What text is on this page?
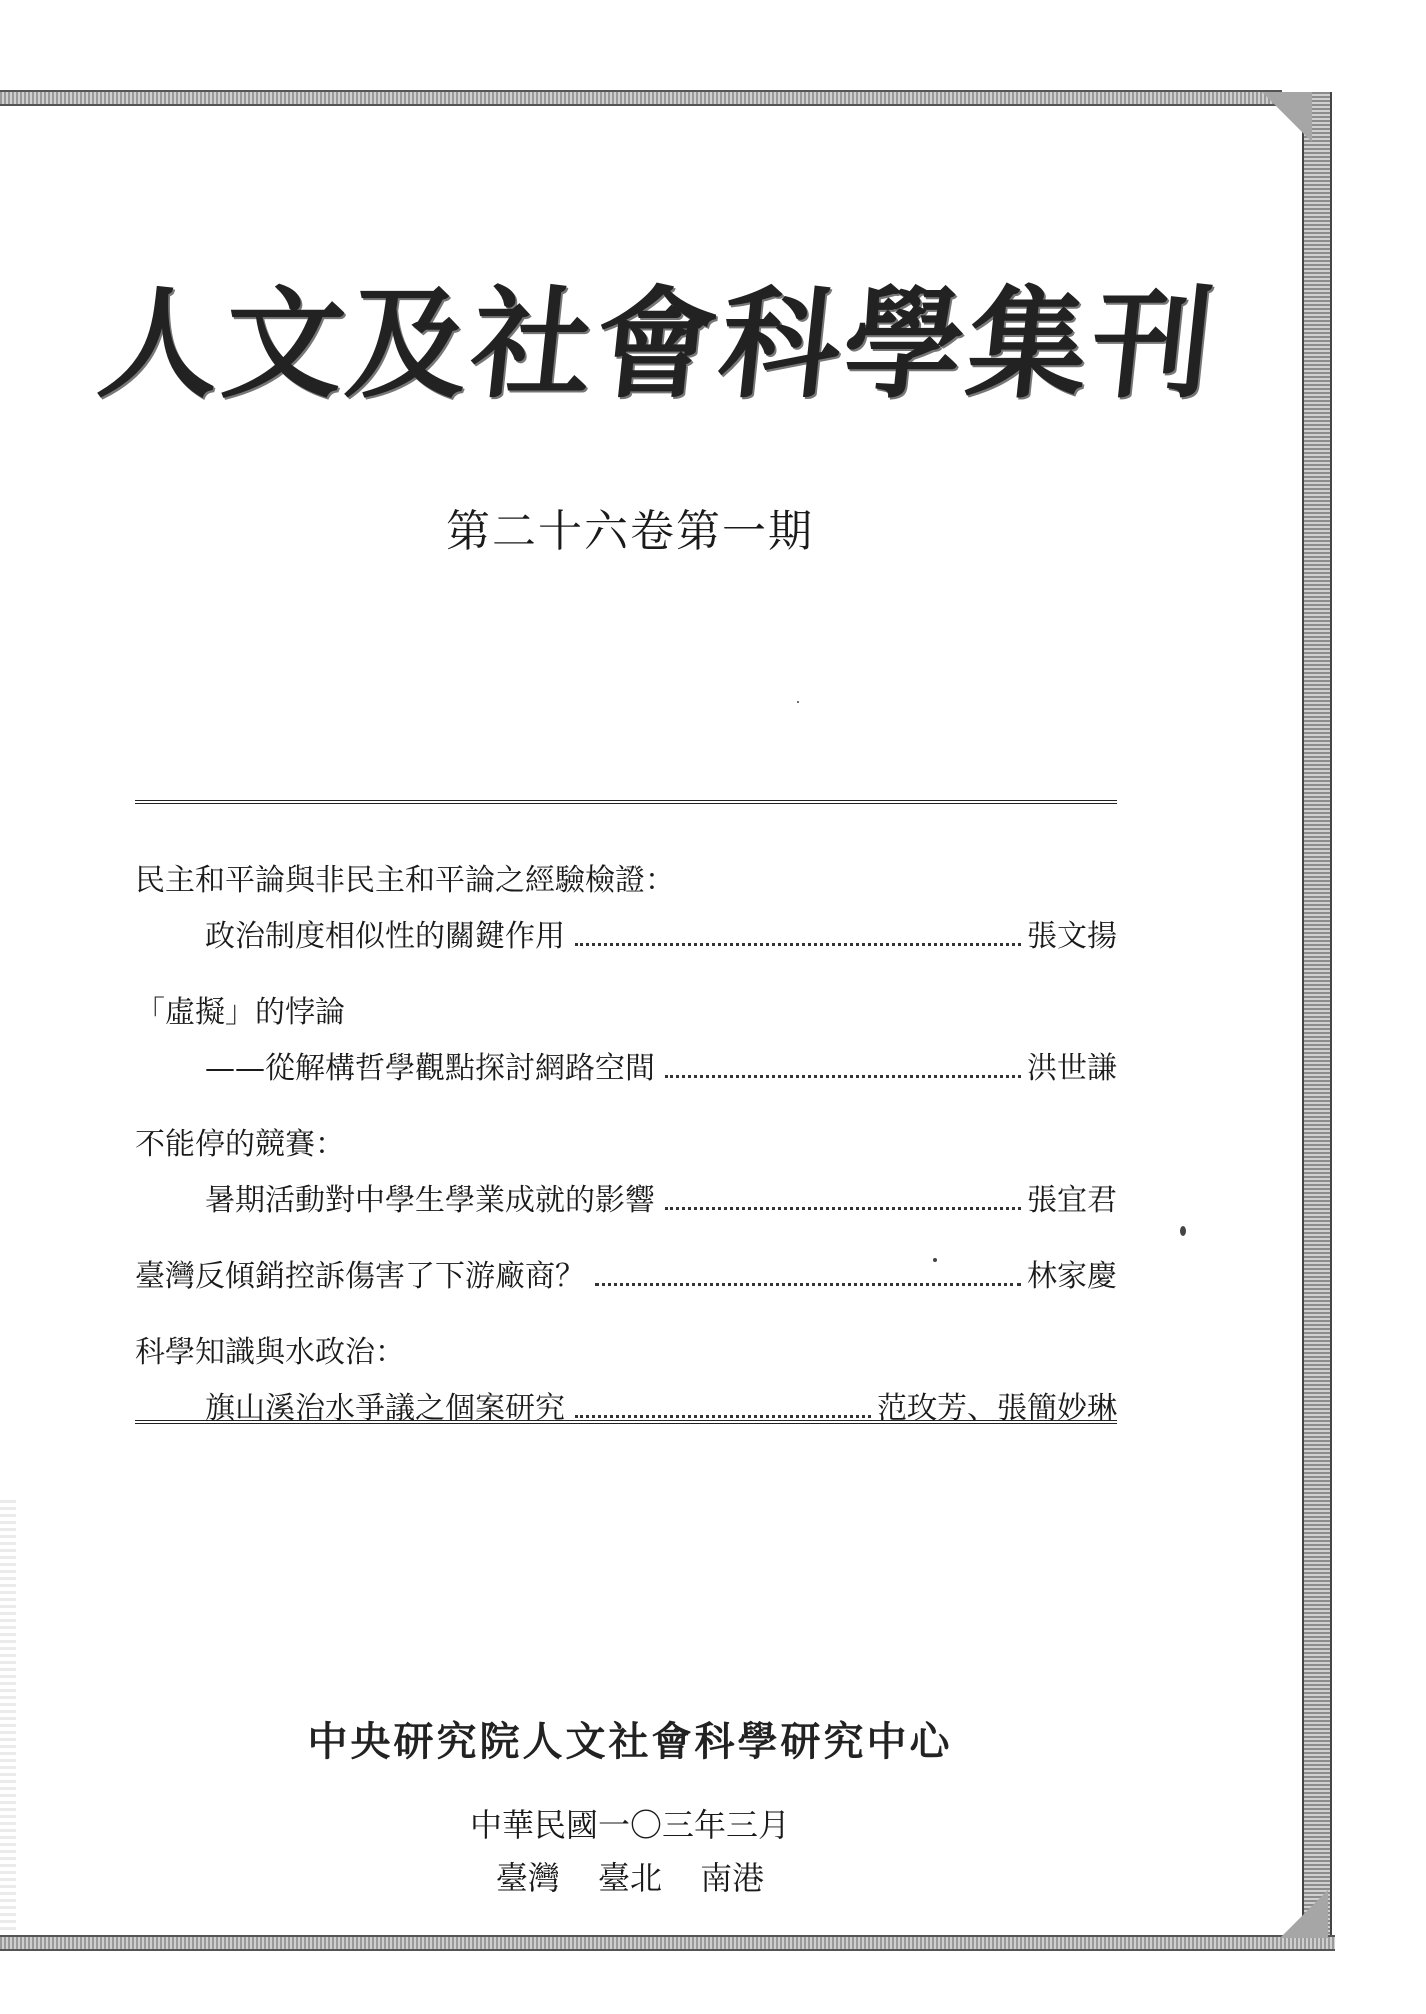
人文及社會科學集刊
第二十六卷第一期
民主和平論與非民主和平論之經驗檢證：
政治制度相似性的關鍵作用	張文揚
「虛擬」的悖論
——從解構哲學觀點探討網路空間	洪世謙
不能停的競賽：
暑期活動對中學生學業成就的影響	張宜君
臺灣反傾銷控訴傷害了下游廠商？	林家慶
科學知識與水政治：
旗山溪治水爭議之個案研究	范玫芳、張簡妙琳
中央研究院人文社會科學研究中心
中華民國一〇三年三月
臺灣 臺北 南港
